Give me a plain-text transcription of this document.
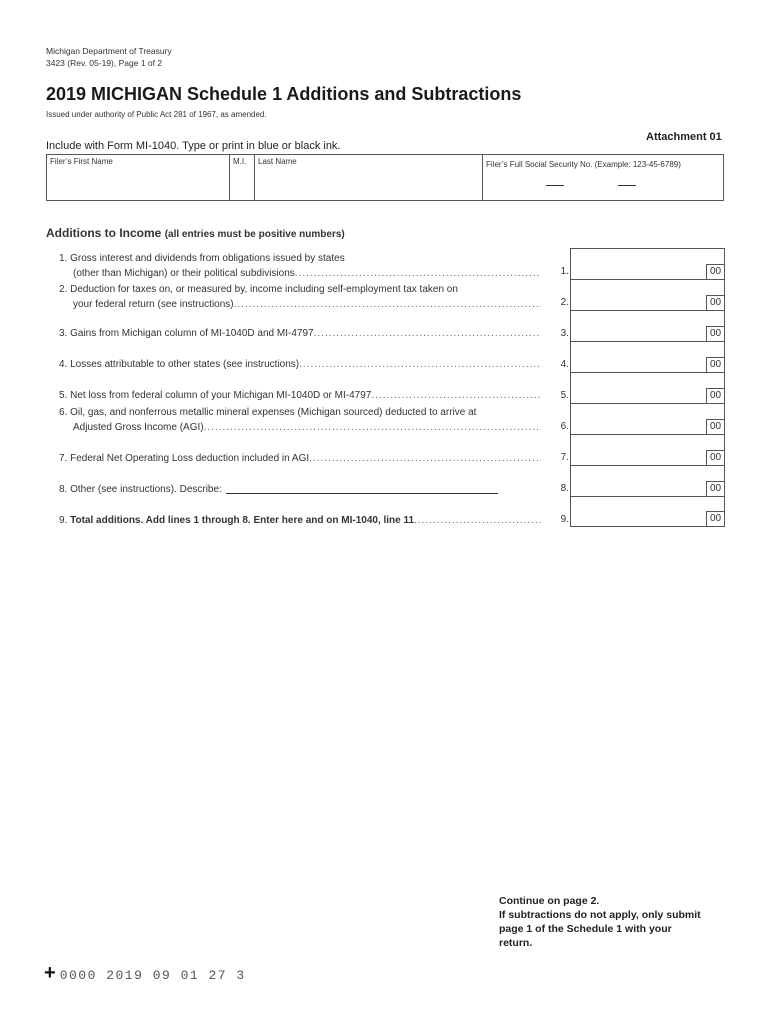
Michigan Department of Treasury
3423 (Rev. 05-19), Page 1 of 2
2019 MICHIGAN Schedule 1 Additions and Subtractions
Issued under authority of Public Act 281 of 1967, as amended.
Include with Form MI-1040. Type or print in blue or black ink.
Attachment 01
Filer’s First Name	M.I. Last Name	Filer’s Full Social Security No. (Example: 123-45-6789)
Additions to Income (all entries must be positive numbers)
1. Gross interest and dividends from obligations issued by states
(other than Michigan) or their political subdivisions
.....
2. Deduction for taxes on, or measured by, income including self-employment tax taken on
your federal return (see instructions)
.....
3. Gains from Michigan column of MI-1040D and MI-4797
.....
4. Losses attributable to other states (see instructions)
.....
5. Net loss from federal column of your Michigan MI-1040D or MI-4797
.....
6. Oil, gas, and nonferrous metallic mineral expenses (Michigan sourced) deducted to arrive at
Adjusted Gross Income (AGI)
.....
7. Federal Net Operating Loss deduction included in AGI
.....
8. Other (see instructions). Describe:
9.
Total additions. Add lines 1 through 8. Enter here and on MI-1040, line 11
.....
1.
2.
3.
4.
5.
6.
7.
8.
9.
00
00
00
00
00
00
00
00
00
Continue on page 2.
If subtractions do not apply, only submit
page 1 of the Schedule 1 with your
return.
+ 0000 2019 09 01 27 3
